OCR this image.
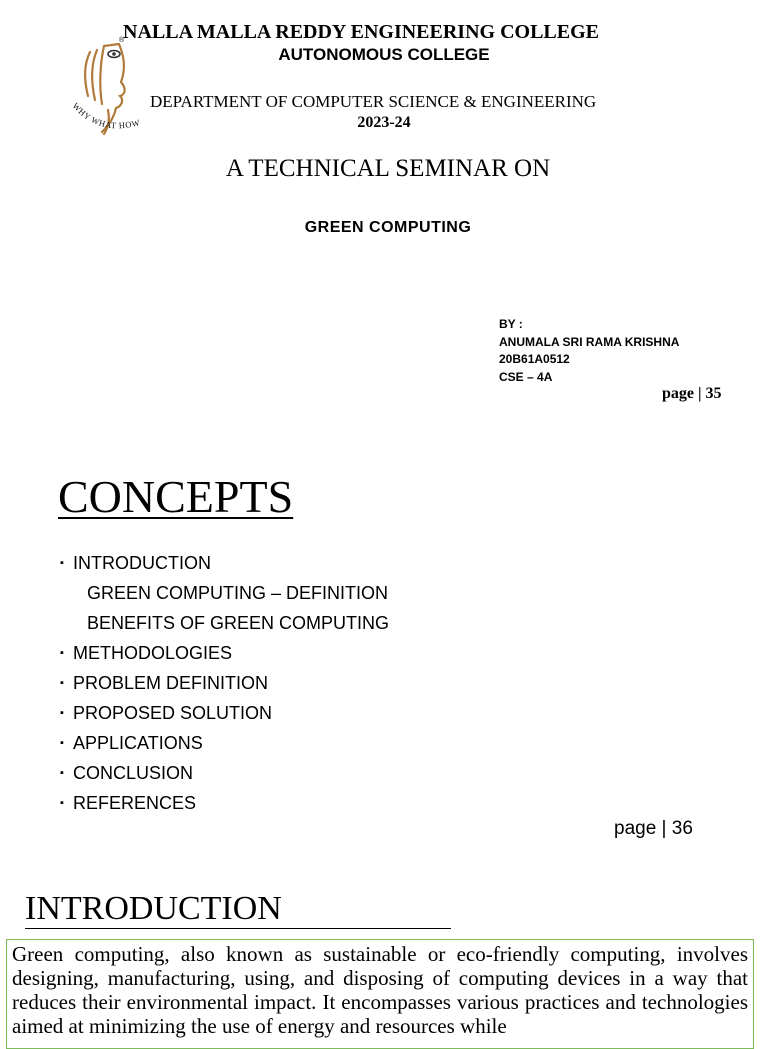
®
WHY WHAT HOW
NALLA MALLA REDDY ENGINEERING COLLEGE
AUTONOMOUS COLLEGE
DEPARTMENT OF COMPUTER SCIENCE & ENGINEERING
2023-24
A TECHNICAL SEMINAR ON
GREEN COMPUTING
BY :
ANUMALA SRI RAMA KRISHNA
20B61A0512
CSE – 4A
page | 35
CONCEPTS
▪ INTRODUCTION
GREEN COMPUTING – DEFINITION
BENEFITS OF GREEN COMPUTING
▪ METHODOLOGIES
▪ PROBLEM DEFINITION
▪ PROPOSED SOLUTION
▪ APPLICATIONS
▪ CONCLUSION
▪ REFERENCES
page | 36
INTRODUCTION
Green computing, also known as sustainable or eco-friendly computing, involves designing, manufacturing, using, and disposing of computing devices in a way that reduces their environmental impact. It encompasses various practices and technologies aimed at minimizing the use of energy and resources while
